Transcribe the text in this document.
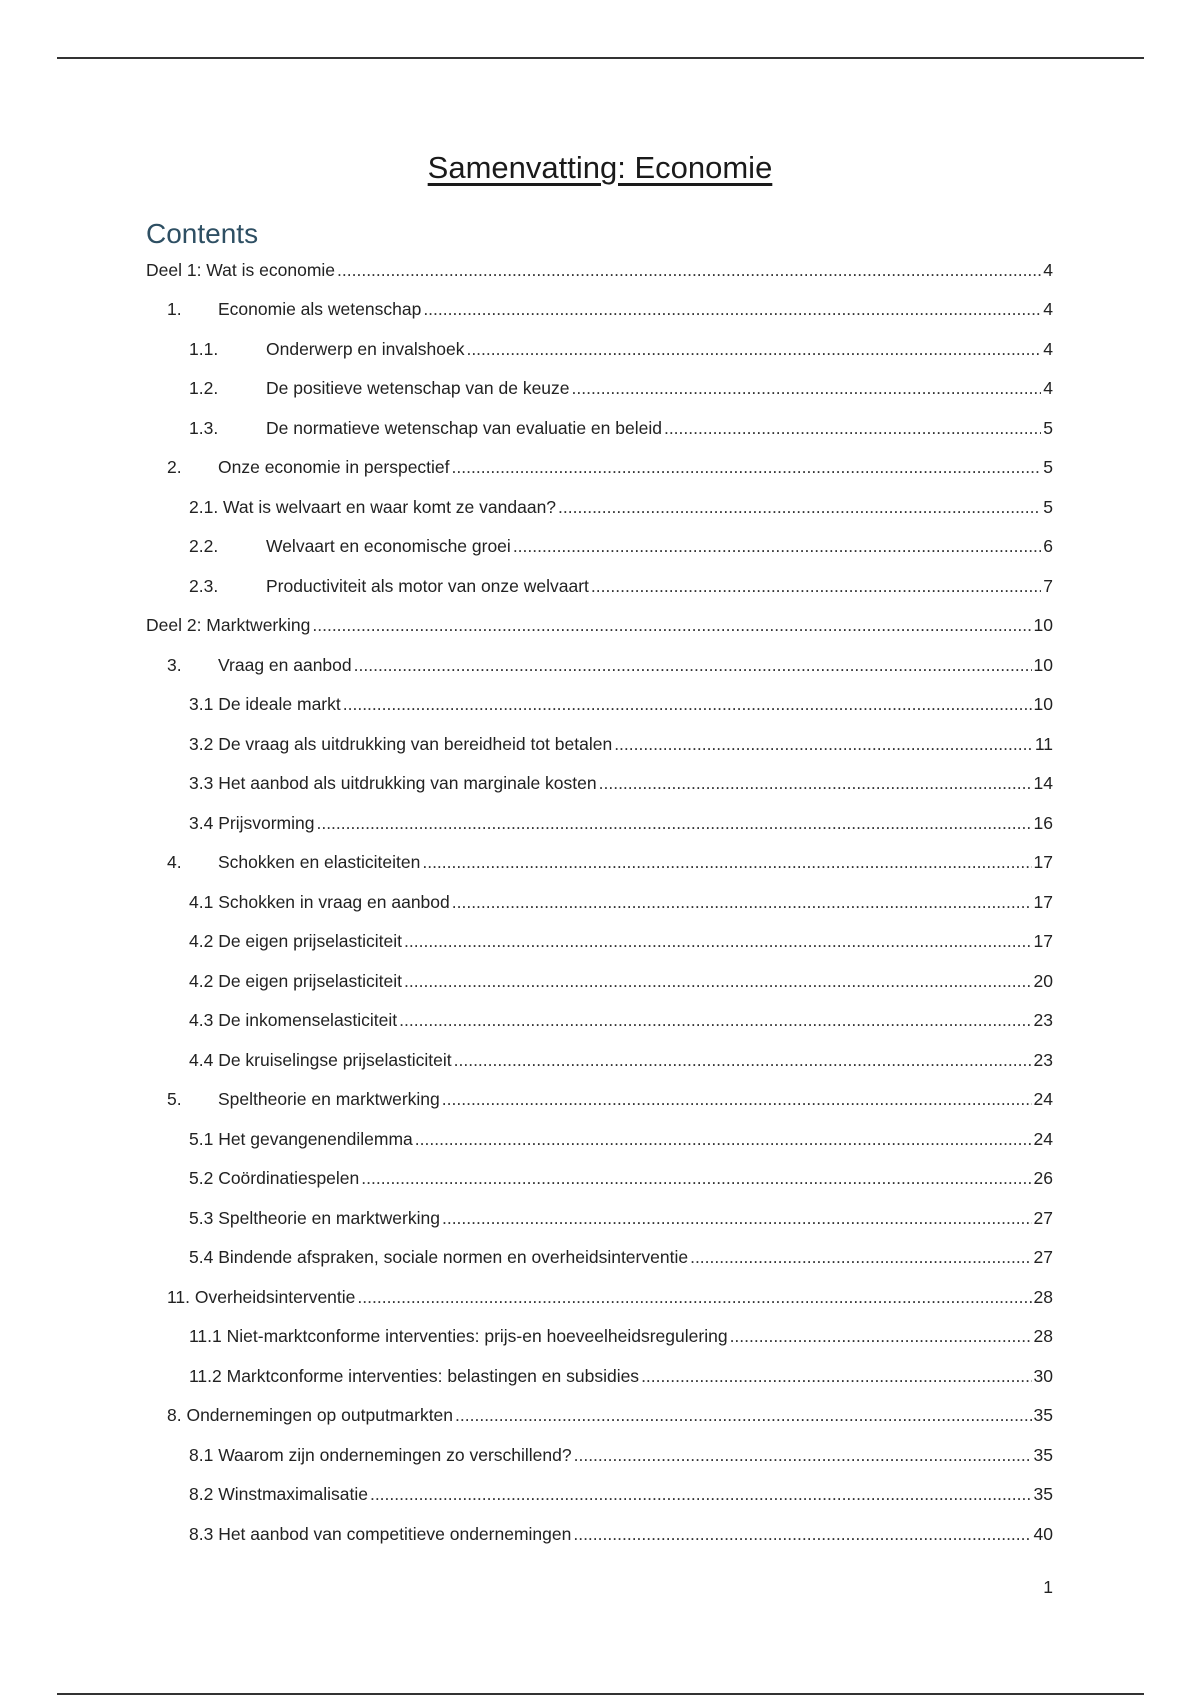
Samenvatting: Economie
Contents
Deel 1: Wat is economie .....	4
1.	Economie als wetenschap .....	4
1.1.	Onderwerp en invalshoek .....	4
1.2.	De positieve wetenschap van de keuze .....	4
1.3.	De normatieve wetenschap van evaluatie en beleid .....	5
2.	Onze economie in perspectief .....	5
2.1. Wat is welvaart en waar komt ze vandaan? .....	5
2.2.	Welvaart en economische groei .....	6
2.3.	Productiviteit als motor van onze welvaart .....	7
Deel 2: Marktwerking .....	10
3.	Vraag en aanbod .....	10
3.1 De ideale markt .....	10
3.2 De vraag als uitdrukking van bereidheid tot betalen .....	11
3.3 Het aanbod als uitdrukking van marginale kosten .....	14
3.4 Prijsvorming .....	16
4.	Schokken en elasticiteiten .....	17
4.1 Schokken in vraag en aanbod .....	17
4.2 De eigen prijselasticiteit .....	17
4.2 De eigen prijselasticiteit .....	20
4.3 De inkomenselasticiteit .....	23
4.4 De kruiselingse prijselasticiteit .....	23
5.	Speltheorie en marktwerking .....	24
5.1 Het gevangenendilemma .....	24
5.2 Coördinatiespelen .....	26
5.3 Speltheorie en marktwerking .....	27
5.4 Bindende afspraken, sociale normen en overheidsinterventie .....	27
11. Overheidsinterventie .....	28
11.1 Niet-marktconforme interventies: prijs-en hoeveelheidsregulering .....	28
11.2 Marktconforme interventies: belastingen en subsidies .....	30
8. Ondernemingen op outputmarkten .....	35
8.1 Waarom zijn ondernemingen zo verschillend? .....	35
8.2 Winstmaximalisatie .....	35
8.3 Het aanbod van competitieve ondernemingen .....	40
1
